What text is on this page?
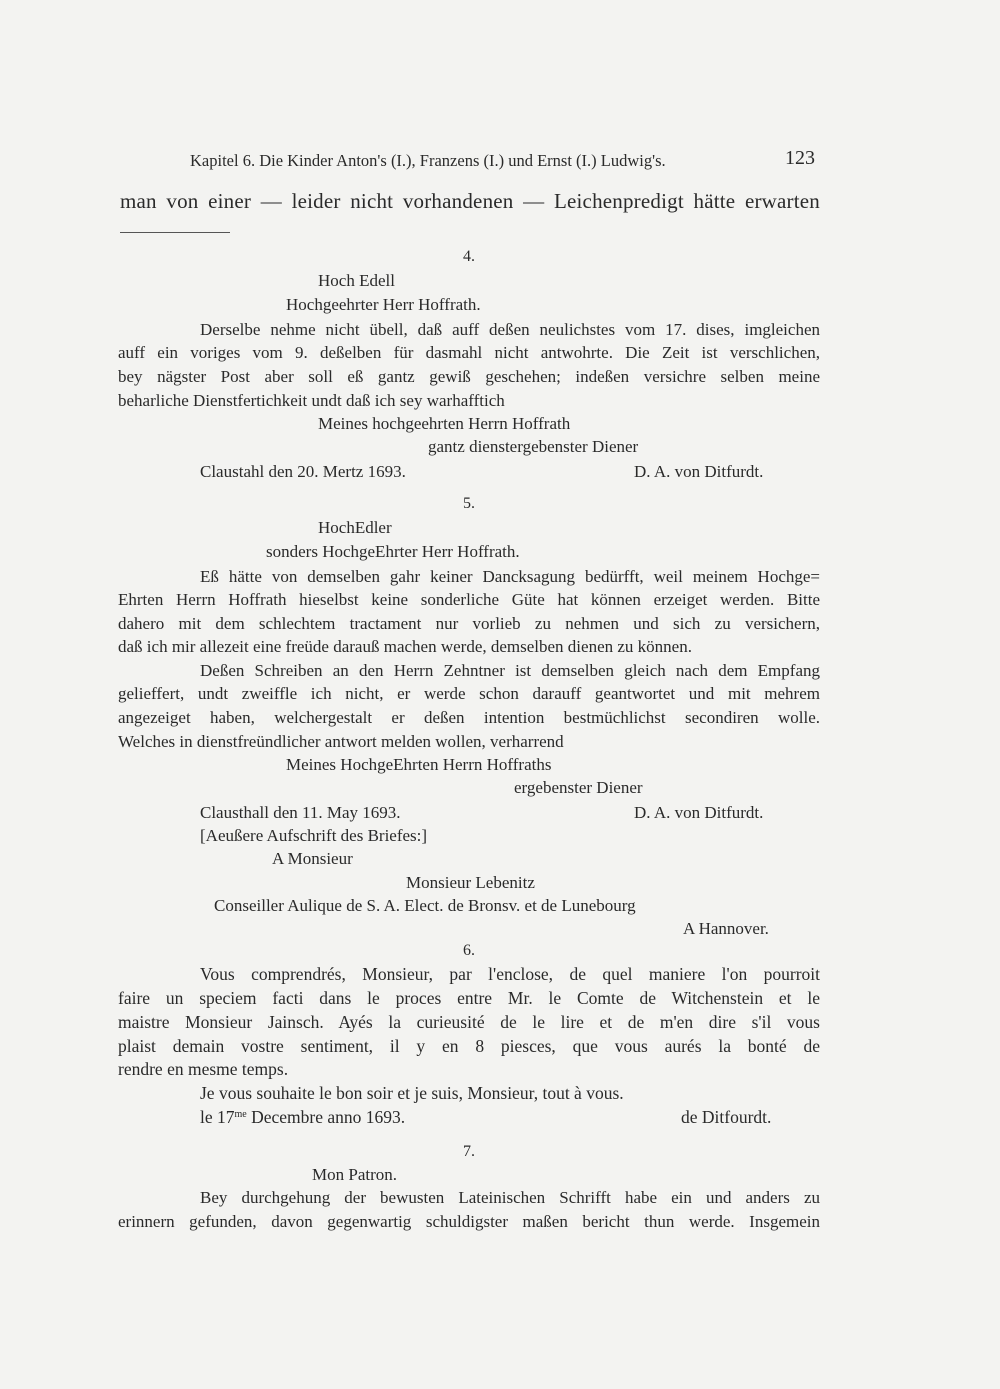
Kapitel 6. Die Kinder Anton's (I.), Franzens (I.) und Ernst (I.) Ludwig's.	123
man von einer — leider nicht vorhandenen — Leichenpredigt hätte erwarten
4.
Hoch Edell
Hochgeehrter Herr Hoffrath.
Derselbe nehme nicht übell, daß auff deßen neulichstes vom 17. dises, imgleichen
auff ein voriges vom 9. deßelben für dasmahl nicht antwohrte. Die Zeit ist verschlichen,
bey nägster Post aber soll eß gantz gewiß geschehen; indeßen versichre selben meine
beharliche Dienstfertichkeit undt daß ich sey warhafftich
Meines hochgeehrten Herrn Hoffrath
gantz dienstergebenster Diener
Claustahl den 20. Mertz 1693.	D. A. von Ditfurdt.
5.
HochEdler
sonders HochgeEhrter Herr Hoffrath.
Eß hätte von demselben gahr keiner Dancksagung bedürfft, weil meinem Hochge=
Ehrten Herrn Hoffrath hieselbst keine sonderliche Güte hat können erzeiget werden. Bitte
dahero mit dem schlechtem tractament nur vorlieb zu nehmen und sich zu versichern,
daß ich mir allezeit eine freüde darauß machen werde, demselben dienen zu können.
Deßen Schreiben an den Herrn Zehntner ist demselben gleich nach dem Empfang
gelieffert, undt zweiffle ich nicht, er werde schon darauff geantwortet und mit mehrem
angezeiget haben, welchergestalt er deßen intention bestmüchlichst secondiren wolle.
Welches in dienstfreündlicher antwort melden wollen, verharrend
Meines HochgeEhrten Herrn Hoffraths
ergebenster Diener
Clausthall den 11. May 1693.	D. A. von Ditfurdt.
[Aeußere Aufschrift des Briefes:]
A Monsieur
Monsieur Lebenitz
Conseiller Aulique de S. A. Elect. de Bronsv. et de Lunebourg
A Hannover.
6.
Vous comprendrés, Monsieur, par l'enclose, de quel maniere l'on pourroit
faire un speciem facti dans le proces entre Mr. le Comte de Witchenstein et le
maistre Monsieur Jainsch. Ayés la curieusité de le lire et de m'en dire s'il vous
plaist demain vostre sentiment, il y en 8 piesces, que vous aurés la bonté de
rendre en mesme temps.
Je vous souhaite le bon soir et je suis, Monsieur, tout à vous.
le $17^{me}$ Decembre anno 1693.	de Ditfourdt.
7.
Mon Patron.
Bey durchgehung der bewusten Lateinischen Schrifft habe ein und anders zu
erinnern gefunden, davon gegenwartig schuldigster maßen bericht thun werde. Insgemein
